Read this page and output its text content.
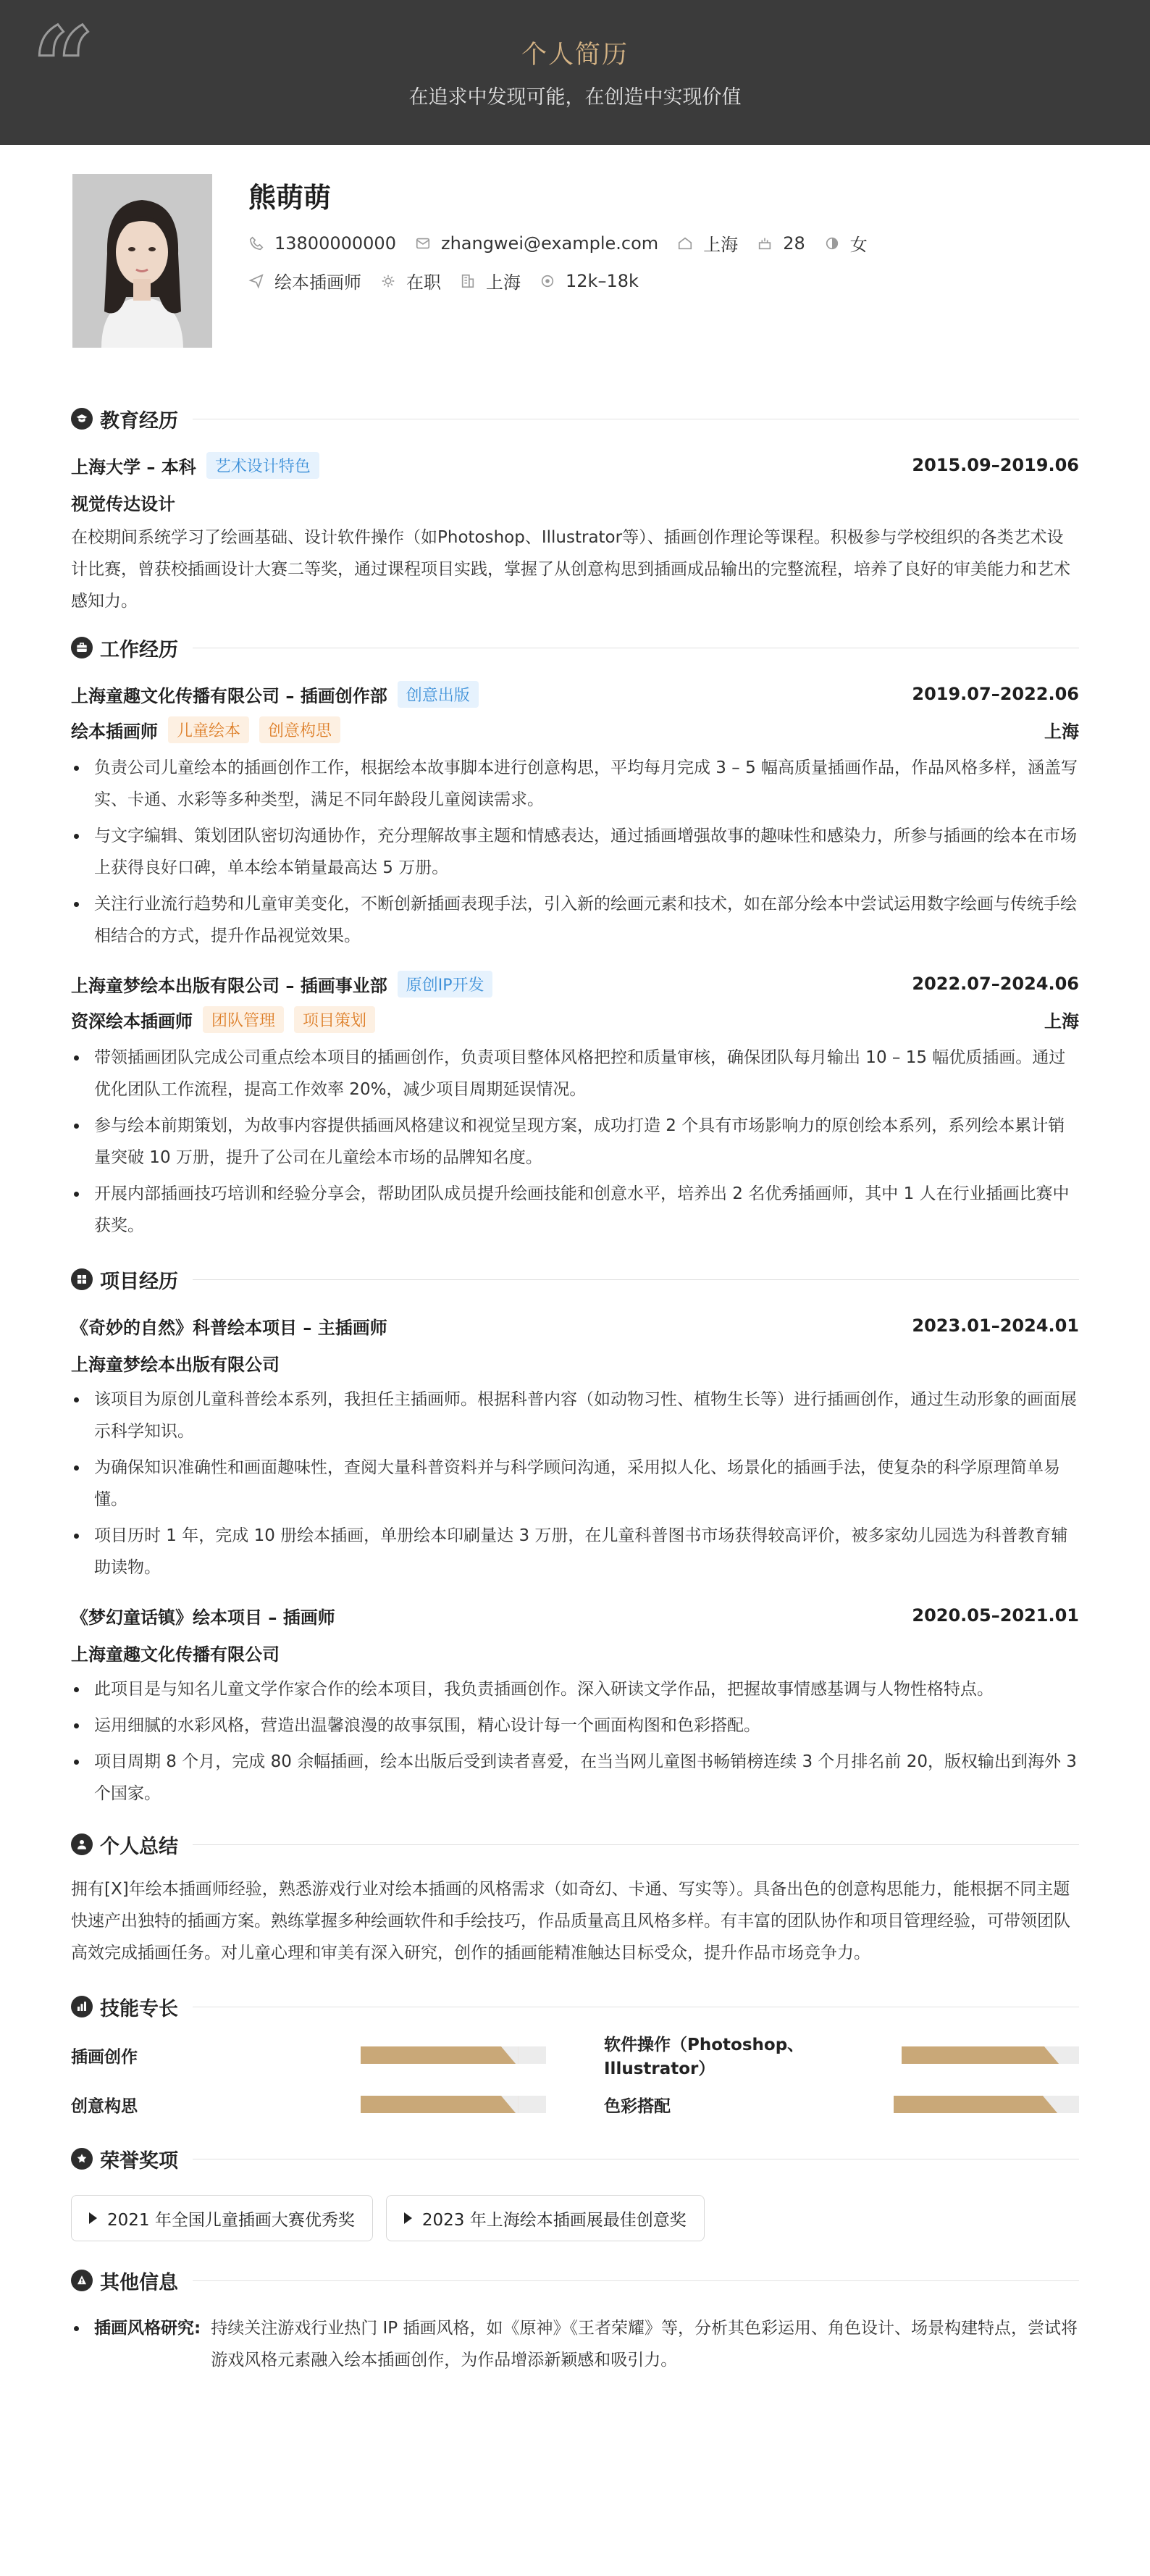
“	个人简历
在追求中发现可能，在创造中实现价值
熊萌萌
13800000000	zhangwei@example.com	上海	28	女
绘本插画师	在职	上海	12k–18k
教育经历
上海大学 – 本科	艺术设计特色	2015.09–2019.06
视觉传达设计
在校期间系统学习了绘画基础、设计软件操作（如Photoshop、Illustrator等）、插画创作理论等课程。积极参与学校组织的各类艺术设计比赛，曾获校插画设计大赛二等奖，通过课程项目实践，掌握了从创意构思到插画成品输出的完整流程，培养了良好的审美能力和艺术感知力。
工作经历
上海童趣文化传播有限公司 – 插画创作部	创意出版	2019.07–2022.06
绘本插画师	儿童绘本	创意构思	上海
负责公司儿童绘本的插画创作工作，根据绘本故事脚本进行创意构思，平均每月完成 3 – 5 幅高质量插画作品，作品风格多样，涵盖写实、卡通、水彩等多种类型，满足不同年龄段儿童阅读需求。
与文字编辑、策划团队密切沟通协作，充分理解故事主题和情感表达，通过插画增强故事的趣味性和感染力，所参与插画的绘本在市场上获得良好口碑，单本绘本销量最高达 5 万册。
关注行业流行趋势和儿童审美变化，不断创新插画表现手法，引入新的绘画元素和技术，如在部分绘本中尝试运用数字绘画与传统手绘相结合的方式，提升作品视觉效果。
上海童梦绘本出版有限公司 – 插画事业部	原创IP开发	2022.07–2024.06
资深绘本插画师	团队管理	项目策划	上海
带领插画团队完成公司重点绘本项目的插画创作，负责项目整体风格把控和质量审核，确保团队每月输出 10 – 15 幅优质插画。通过优化团队工作流程，提高工作效率 20%，减少项目周期延误情况。
参与绘本前期策划，为故事内容提供插画风格建议和视觉呈现方案，成功打造 2 个具有市场影响力的原创绘本系列，系列绘本累计销量突破 10 万册，提升了公司在儿童绘本市场的品牌知名度。
开展内部插画技巧培训和经验分享会，帮助团队成员提升绘画技能和创意水平，培养出 2 名优秀插画师，其中 1 人在行业插画比赛中获奖。
项目经历
《奇妙的自然》科普绘本项目 – 主插画师	2023.01–2024.01
上海童梦绘本出版有限公司
该项目为原创儿童科普绘本系列，我担任主插画师。根据科普内容（如动物习性、植物生长等）进行插画创作，通过生动形象的画面展示科学知识。
为确保知识准确性和画面趣味性，查阅大量科普资料并与科学顾问沟通，采用拟人化、场景化的插画手法，使复杂的科学原理简单易懂。
项目历时 1 年，完成 10 册绘本插画，单册绘本印刷量达 3 万册，在儿童科普图书市场获得较高评价，被多家幼儿园选为科普教育辅助读物。
《梦幻童话镇》绘本项目 – 插画师	2020.05–2021.01
上海童趣文化传播有限公司
此项目是与知名儿童文学作家合作的绘本项目，我负责插画创作。深入研读文学作品，把握故事情感基调与人物性格特点。
运用细腻的水彩风格，营造出温馨浪漫的故事氛围，精心设计每一个画面构图和色彩搭配。
项目周期 8 个月，完成 80 余幅插画，绘本出版后受到读者喜爱，在当当网儿童图书畅销榜连续 3 个月排名前 20，版权输出到海外 3 个国家。
个人总结
拥有[X]年绘本插画师经验，熟悉游戏行业对绘本插画的风格需求（如奇幻、卡通、写实等）。具备出色的创意构思能力，能根据不同主题快速产出独特的插画方案。熟练掌握多种绘画软件和手绘技巧，作品质量高且风格多样。有丰富的团队协作和项目管理经验，可带领团队高效完成插画任务。对儿童心理和审美有深入研究，创作的插画能精准触达目标受众，提升作品市场竞争力。
技能专长
插画创作
软件操作（Photoshop、Illustrator）
创意构思	色彩搭配
荣誉奖项
2021 年全国儿童插画大赛优秀奖	2023 年上海绘本插画展最佳创意奖
其他信息
插画风格研究: 持续关注游戏行业热门 IP 插画风格，如《原神》《王者荣耀》等，分析其色彩运用、角色设计、场景构建特点，尝试将游戏风格元素融入绘本插画创作，为作品增添新颖感和吸引力。
